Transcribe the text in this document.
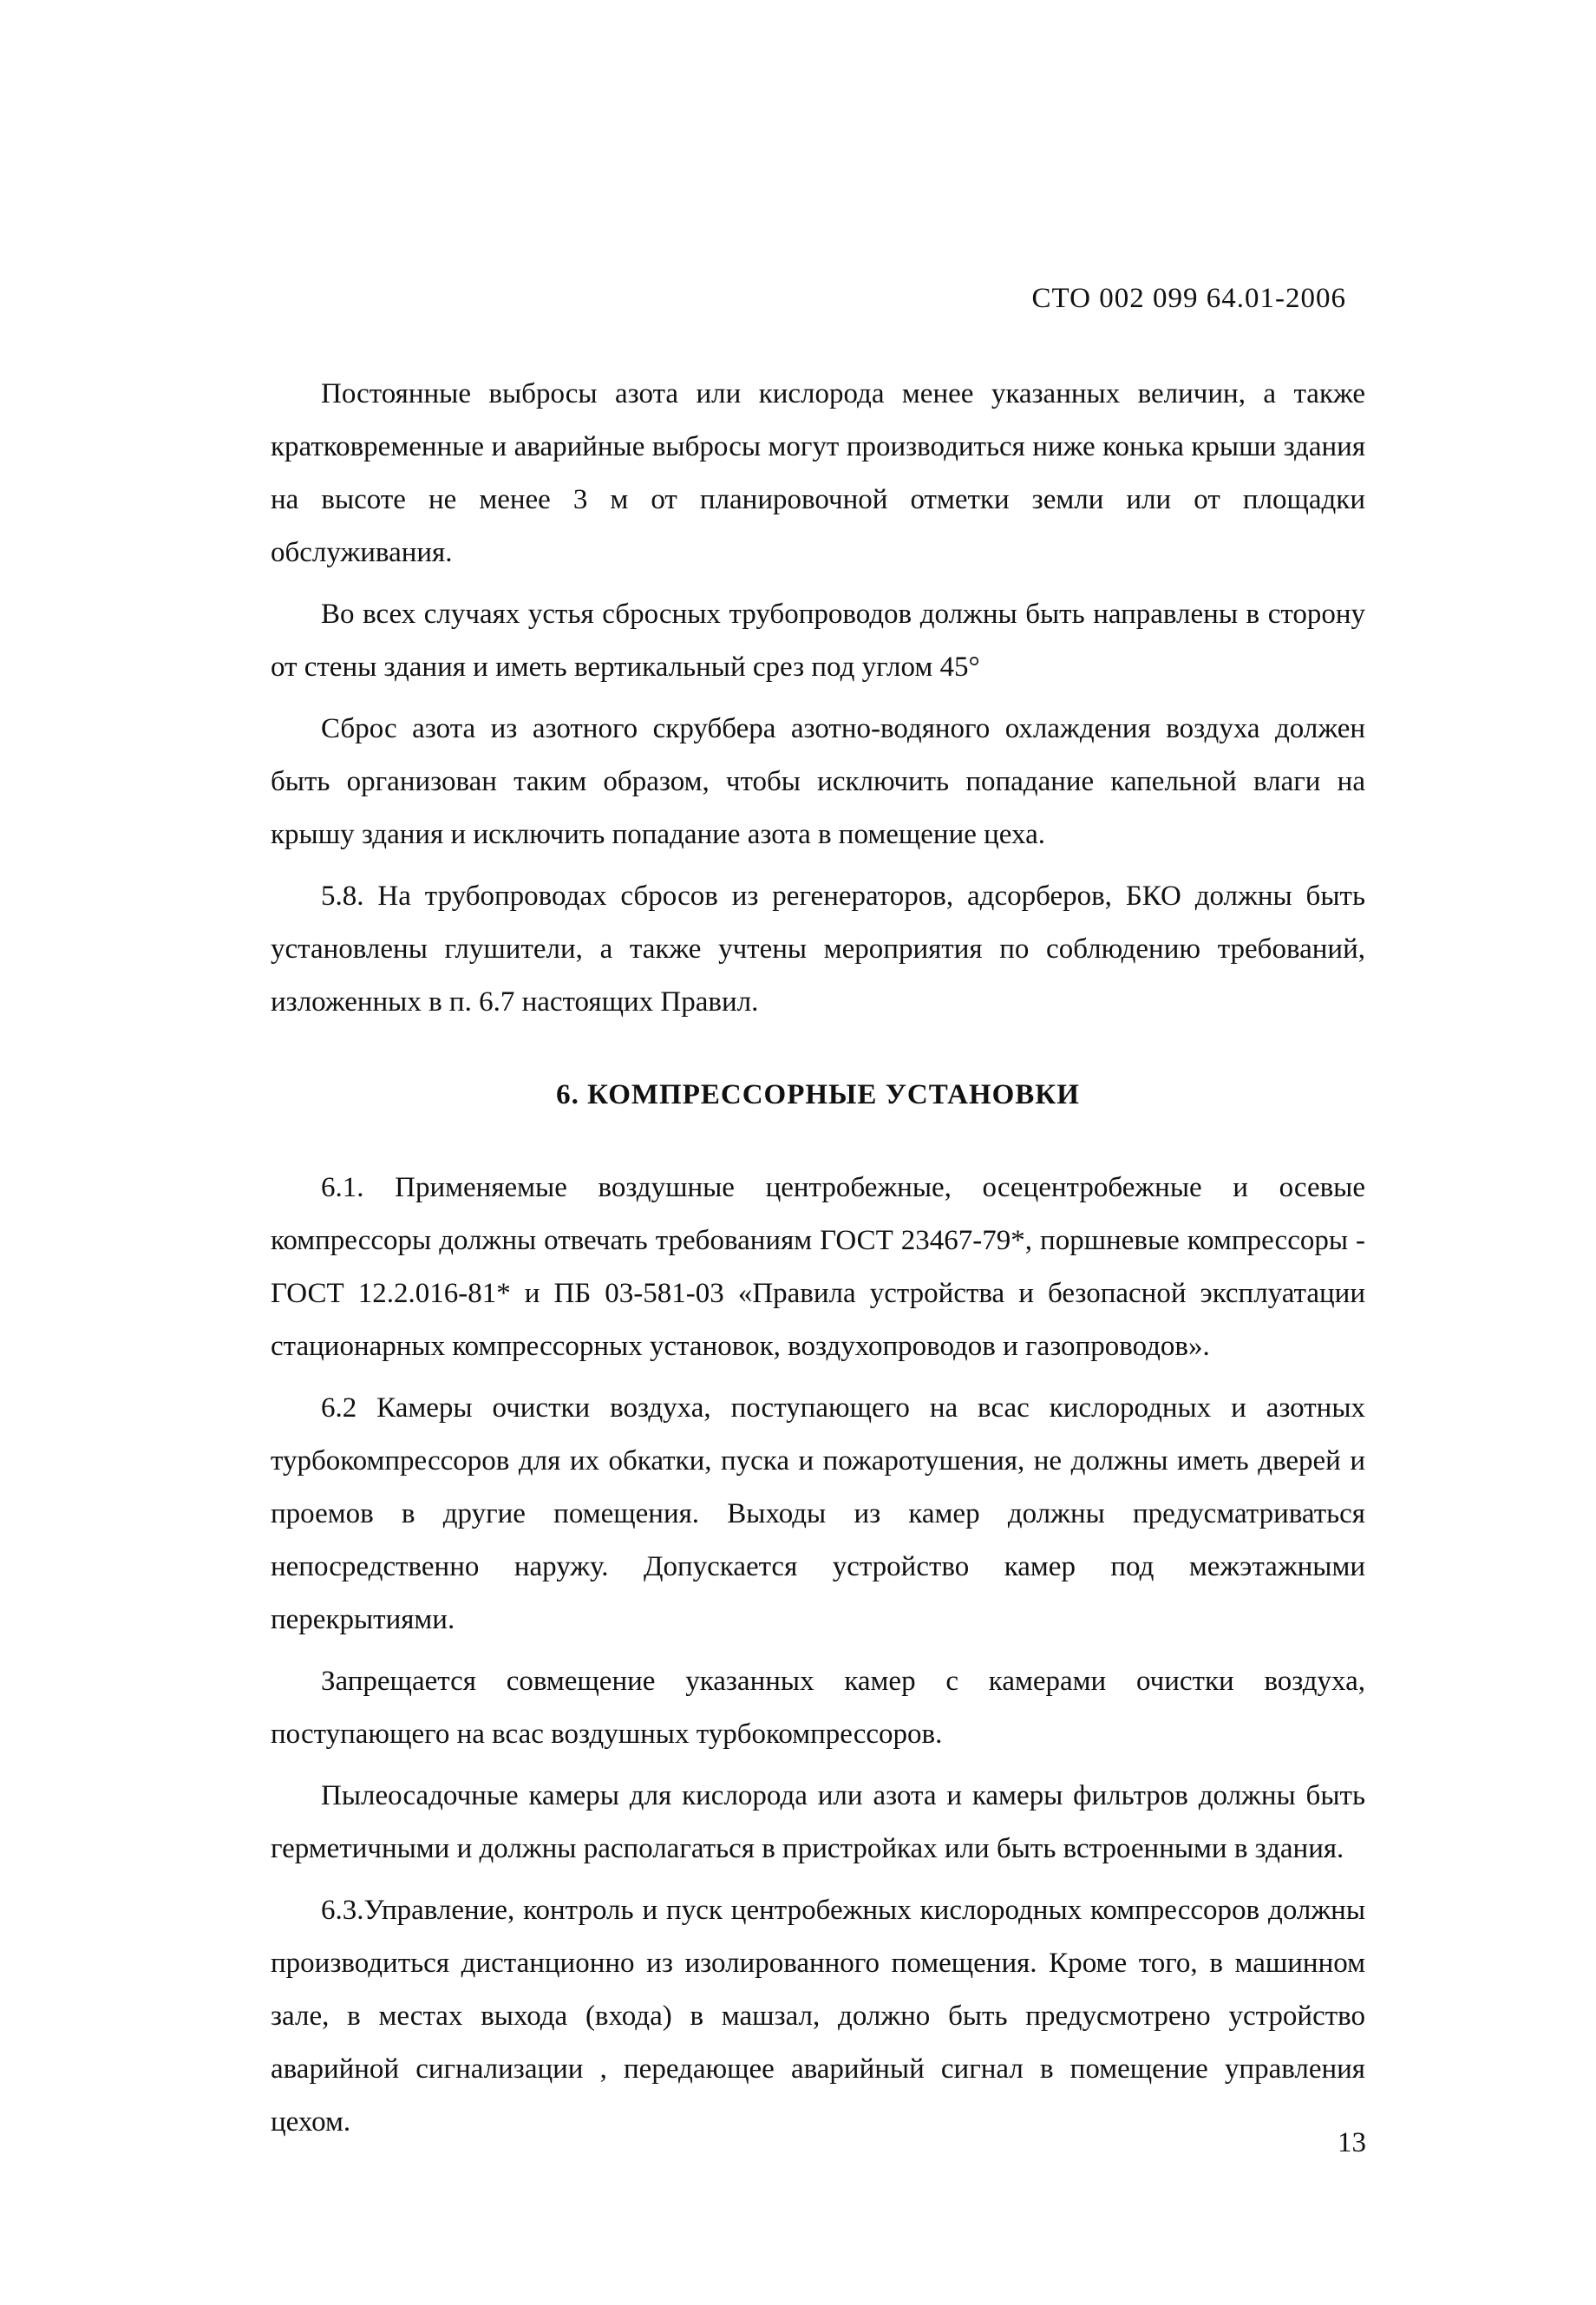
СТО 002 099 64.01-2006

Постоянные выбросы азота или кислорода менее указанных величин, а также кратковременные и аварийные выбросы могут производиться ниже конька крыши здания на высоте не менее 3 м от планировочной отметки земли или от площадки обслуживания.

Во всех случаях устья сбросных трубопроводов должны быть направлены в сторону от стены здания и иметь вертикальный срез под углом 45°

Сброс азота из азотного скруббера азотно-водяного охлаждения воздуха должен быть организован таким образом, чтобы исключить попадание капельной влаги на крышу здания и исключить попадание азота в помещение цеха.

5.8. На трубопроводах сбросов из регенераторов, адсорберов, БКО должны быть установлены глушители, а также учтены мероприятия по соблюдению требований, изложенных в п. 6.7 настоящих Правил.

6. КОМПРЕССОРНЫЕ УСТАНОВКИ

6.1. Применяемые воздушные центробежные, осецентробежные и осевые компрессоры должны отвечать требованиям ГОСТ 23467-79*, поршневые компрессоры - ГОСТ 12.2.016-81* и ПБ 03-581-03 «Правила устройства и безопасной эксплуатации стационарных компрессорных установок, воздухопроводов и газопроводов».

6.2 Камеры очистки воздуха, поступающего на всас кислородных и азотных турбокомпрессоров для их обкатки, пуска и пожаротушения, не должны иметь дверей и проемов в другие помещения. Выходы из камер должны предусматриваться непосредственно наружу. Допускается устройство камер под межэтажными перекрытиями.

Запрещается совмещение указанных камер с камерами очистки воздуха, поступающего на всас воздушных турбокомпрессоров.

Пылеосадочные камеры для кислорода или азота и камеры фильтров должны быть герметичными и должны располагаться в пристройках или быть встроенными в здания.

6.3.Управление, контроль и пуск центробежных кислородных компрессоров должны производиться дистанционно из изолированного помещения. Кроме того, в машинном зале, в местах выхода (входа) в машзал, должно быть предусмотрено устройство аварийной сигнализации , передающее аварийный сигнал в помещение управления цехом.

13
